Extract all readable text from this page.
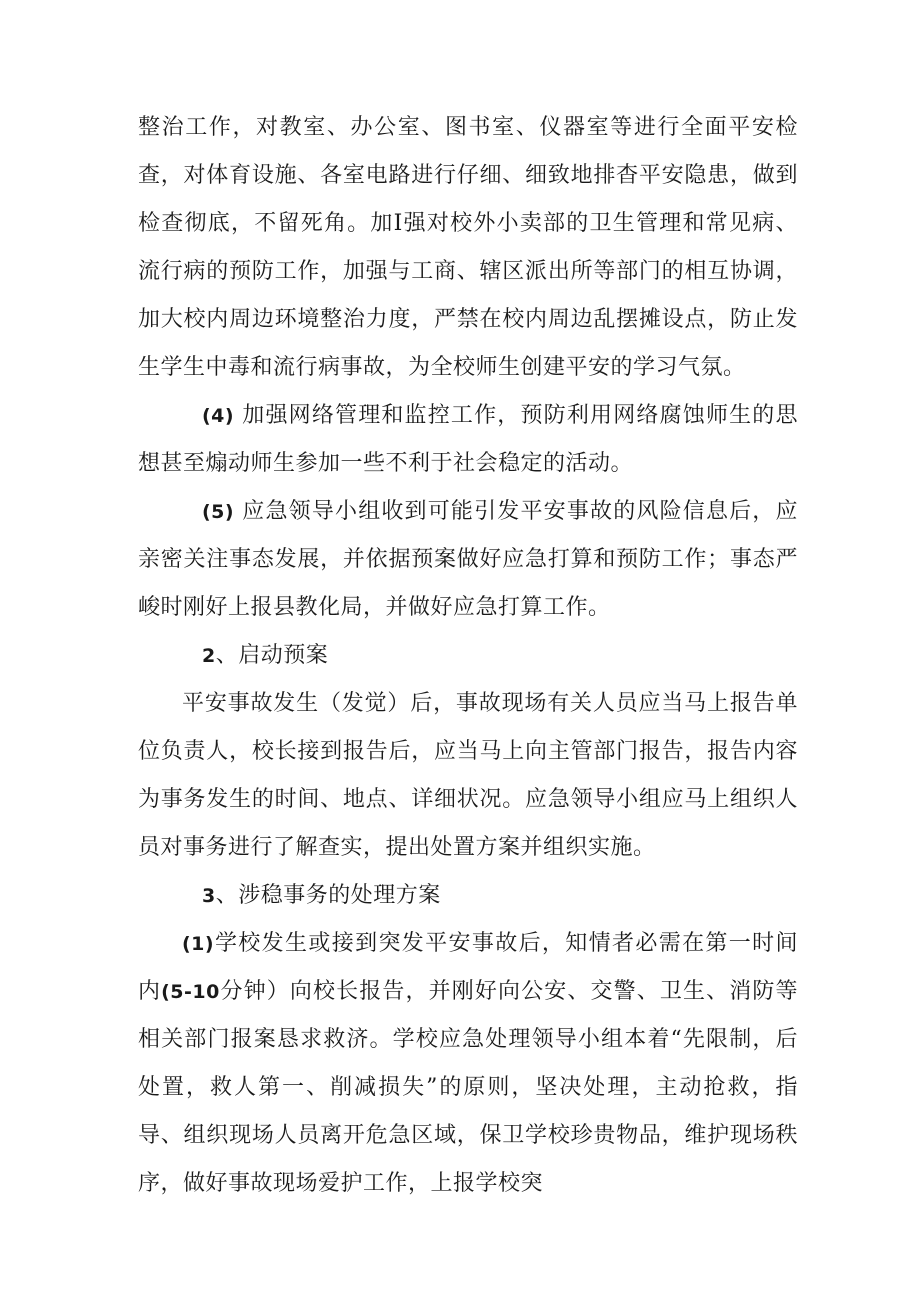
整治工作，对教室、办公室、图书室、仪器室等进行全面平安检查，对体育设施、各室电路进行仔细、细致地排杳平安隐患，做到检查彻底，不留死角。加I强对校外小卖部的卫生管理和常见病、流行病的预防工作，加强与工商、辖区派出所等部门的相互协调，加大校内周边环境整治力度，严禁在校内周边乱摆摊设点，防止发生学生中毒和流行病事故，为全校师生创建平安的学习气氛。

(4) 加强网络管理和监控工作，预防利用网络腐蚀师生的思想甚至煽动师生参加一些不利于社会稳定的活动。

(5) 应急领导小组收到可能引发平安事故的风险信息后，应亲密关注事态发展，并依据预案做好应急打算和预防工作；事态严峻时刚好上报县教化局，并做好应急打算工作。

2、启动预案

平安事故发生（发觉）后，事故现场有关人员应当马上报告单位负责人，校长接到报告后，应当马上向主管部门报告，报告内容为事务发生的时间、地点、详细状况。应急领导小组应马上组织人员对事务进行了解查实，提出处置方案并组织实施。

3、涉稳事务的处理方案

(1)学校发生或接到突发平安事故后，知情者必需在第一时间内(5-10分钟）向校长报告，并刚好向公安、交警、卫生、消防等相关部门报案恳求救济。学校应急处理领导小组本着“先限制，后处置，救人第一、削减损失”的原则，坚决处理，主动抢救，指导、组织现场人员离开危急区域，保卫学校珍贵物品，维护现场秩序，做好事故现场爱护工作，上报学校突
